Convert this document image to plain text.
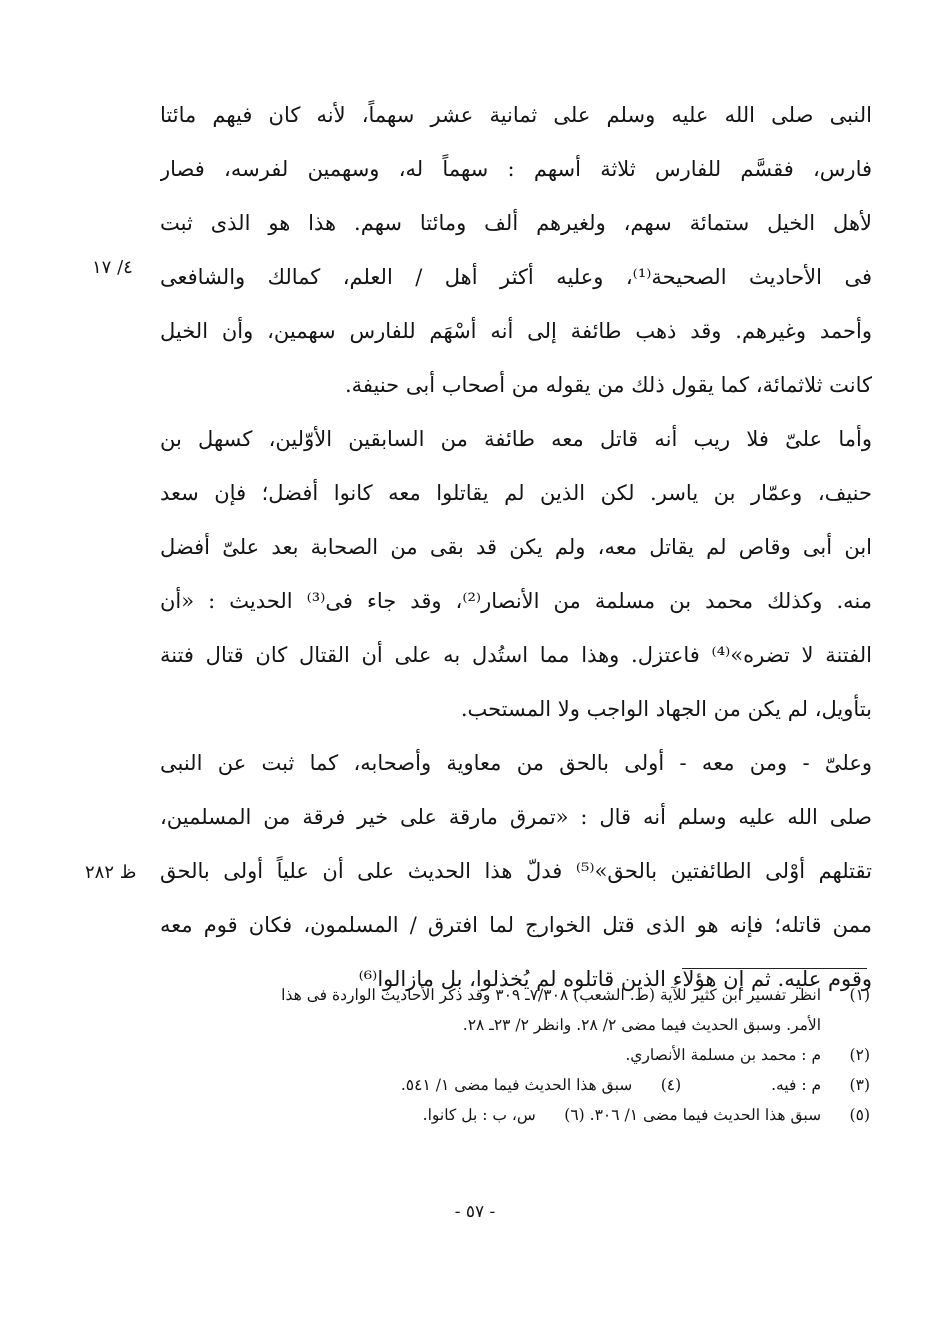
النبى صلى الله عليه وسلم على ثمانية عشر سهماً، لأنه كان فيهم مائتا
فارس، فقسَّم للفارس ثلاثة أسهم : سهماً له، وسهمين لفرسه، فصار
لأهل الخيل ستمائة سهم، ولغيرهم ألف ومائتا سهم. هذا هو الذى ثبت
فى الأحاديث الصحيحة⁽¹⁾، وعليه أكثر أهل / العلم، كمالك والشافعى
وأحمد وغيرهم. وقد ذهب طائفة إلى أنه أسْهَم للفارس سهمين، وأن الخيل
كانت ثلاثمائة، كما يقول ذلك من يقوله من أصحاب أبى حنيفة.
وأما علىّ فلا ريب أنه قاتل معه طائفة من السابقين الأوّلين، كسهل بن
حنيف، وعمّار بن ياسر. لكن الذين لم يقاتلوا معه كانوا أفضل؛ فإن سعد
ابن أبى وقاص لم يقاتل معه، ولم يكن قد بقى من الصحابة بعد علىّ أفضل
منه. وكذلك محمد بن مسلمة من الأنصار⁽²⁾، وقد جاء فى⁽³⁾ الحديث : «أن
الفتنة لا تضره»⁽⁴⁾ فاعتزل. وهذا مما استُدل به على أن القتال كان قتال فتنة
بتأويل، لم يكن من الجهاد الواجب ولا المستحب.
وعلىّ - ومن معه - أولى بالحق من معاوية وأصحابه، كما ثبت عن النبى
صلى الله عليه وسلم أنه قال : «تمرق مارقة على خير فرقة من المسلمين،
تقتلهم أوْلى الطائفتين بالحق»⁽⁵⁾ فدلّ هذا الحديث على أن علياً أولى بالحق
ممن قاتله؛ فإنه هو الذى قتل الخوارج لما افترق / المسلمون، فكان قوم معه
وقوم عليه. ثم إن هؤلاء الذين قاتلوه لم يُخذلوا، بل مازالوا⁽⁶⁾
٤/ ١٧
ظ ٢٨٢
(١) انظر تفسير ابن كثير للآية (ط. الشعب) ٧/٣٠٨ـ ٣٠٩ وقد ذكر الأحاديث الواردة فى هذا
الأمر. وسبق الحديث فيما مضى ٢/ ٢٨. وانظر ٢/ ٢٣ـ ٢٨.
(٢) م : محمد بن مسلمة الأنصاري.
(٣) م : فيه.  (٤) سبق هذا الحديث فيما مضى ١/ ٥٤١.
(٥) سبق هذا الحديث فيما مضى ١/ ٣٠٦. (٦) س، ب : بل كانوا.
- ٥٧ -
